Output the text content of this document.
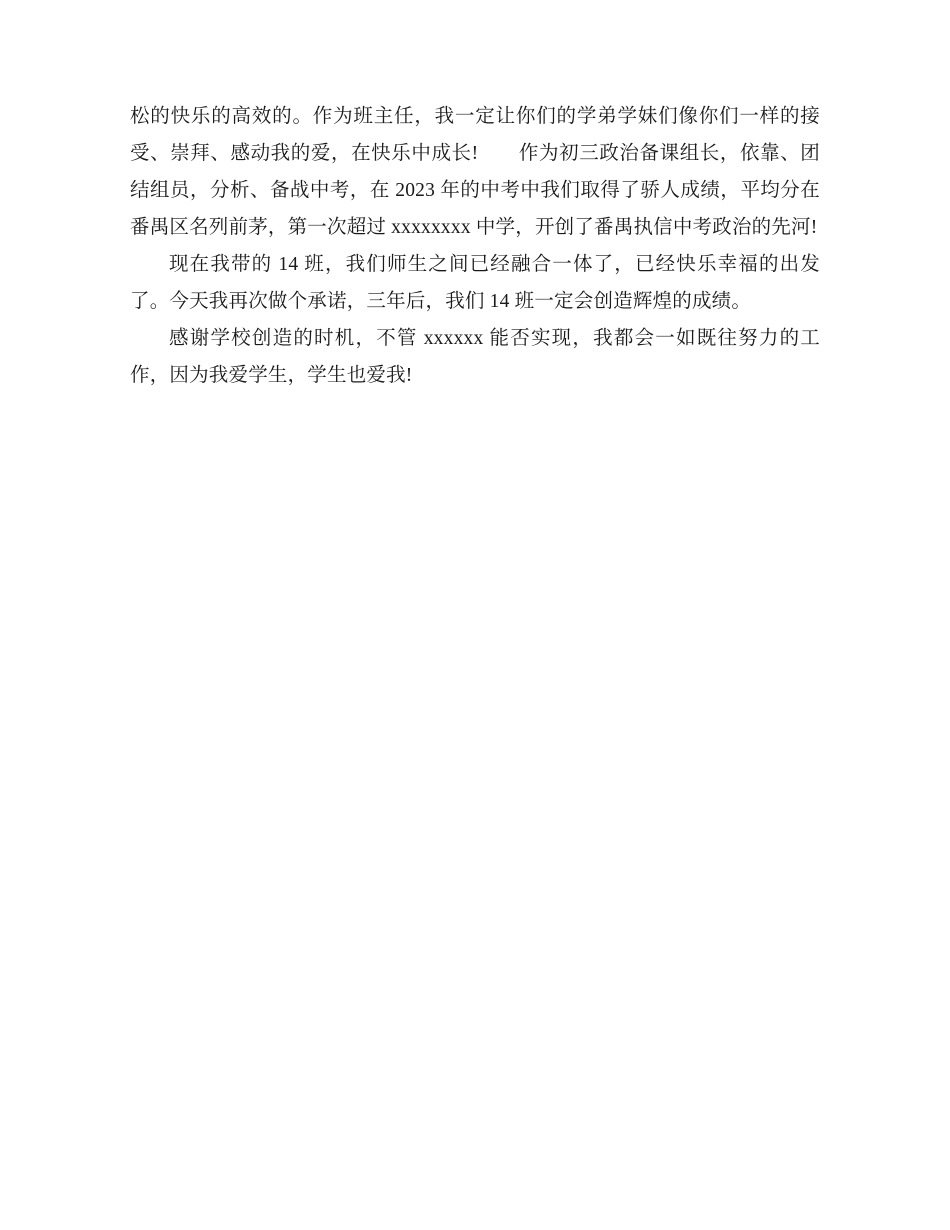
松的快乐的高效的。作为班主任，我一定让你们的学弟学妹们像你们一样的接受、崇拜、感动我的爱，在快乐中成长!　　作为初三政治备课组长，依靠、团结组员，分析、备战中考，在 2023 年的中考中我们取得了骄人成绩，平均分在番禺区名列前茅，第一次超过 xxxxxxxx 中学，开创了番禺执信中考政治的先河!

现在我带的 14 班，我们师生之间已经融合一体了，已经快乐幸福的出发了。今天我再次做个承诺，三年后，我们 14 班一定会创造辉煌的成绩。

感谢学校创造的时机，不管 xxxxxx 能否实现，我都会一如既往努力的工作，因为我爱学生，学生也爱我!
